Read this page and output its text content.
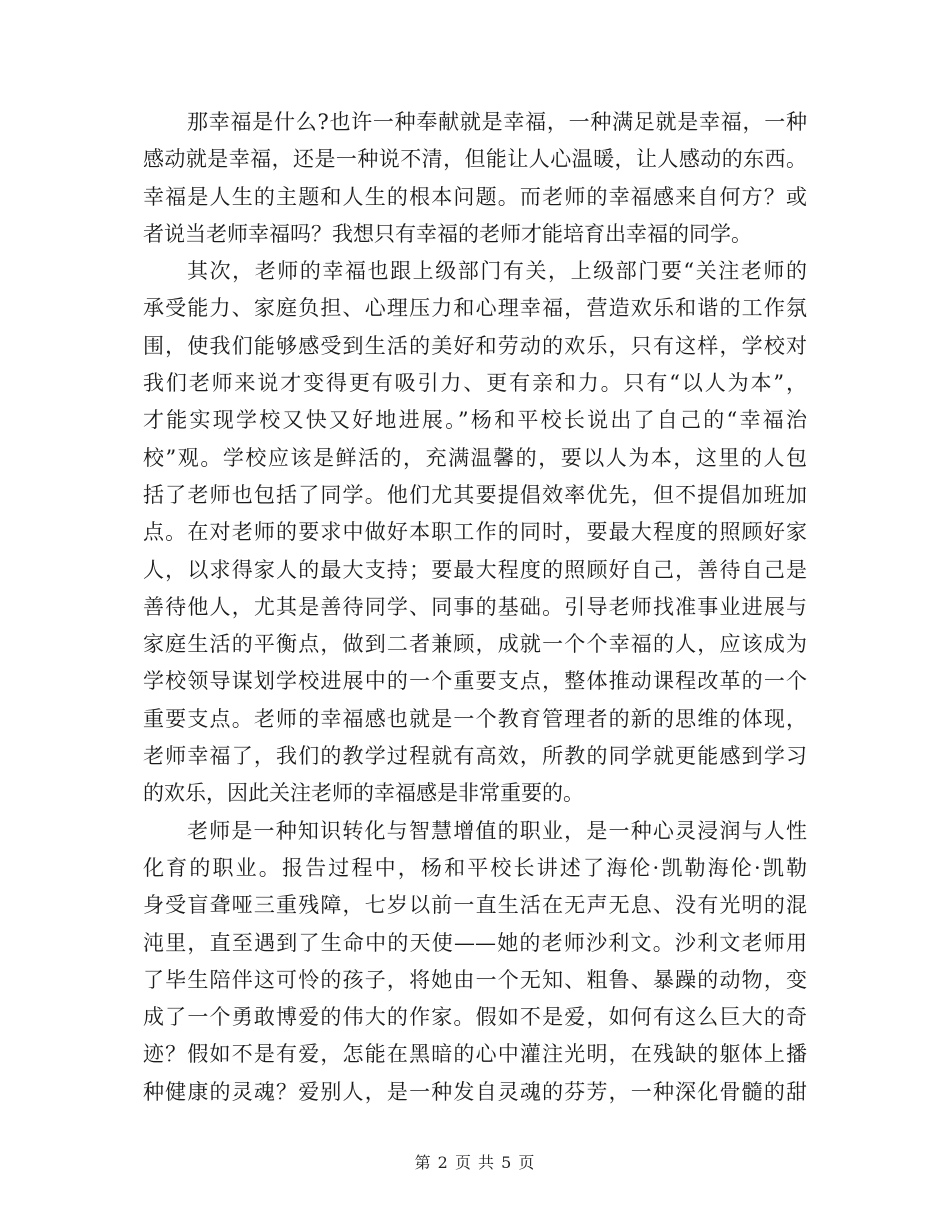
那幸福是什么?也许一种奉献就是幸福，一种满足就是幸福，一种
感动就是幸福，还是一种说不清，但能让人心温暖，让人感动的东西。
幸福是人生的主题和人生的根本问题。而老师的幸福感来自何方？或
者说当老师幸福吗？我想只有幸福的老师才能培育出幸福的同学。
其次，老师的幸福也跟上级部门有关，上级部门要“关注老师的
承受能力、家庭负担、心理压力和心理幸福，营造欢乐和谐的工作氛
围，使我们能够感受到生活的美好和劳动的欢乐，只有这样，学校对
我们老师来说才变得更有吸引力、更有亲和力。只有“以人为本”，
才能实现学校又快又好地进展。”杨和平校长说出了自己的“幸福治
校”观。学校应该是鲜活的，充满温馨的，要以人为本，这里的人包
括了老师也包括了同学。他们尤其要提倡效率优先，但不提倡加班加
点。在对老师的要求中做好本职工作的同时，要最大程度的照顾好家
人，以求得家人的最大支持；要最大程度的照顾好自己，善待自己是
善待他人，尤其是善待同学、同事的基础。引导老师找准事业进展与
家庭生活的平衡点，做到二者兼顾，成就一个个幸福的人，应该成为
学校领导谋划学校进展中的一个重要支点，整体推动课程改革的一个
重要支点。老师的幸福感也就是一个教育管理者的新的思维的体现，
老师幸福了，我们的教学过程就有高效，所教的同学就更能感到学习
的欢乐，因此关注老师的幸福感是非常重要的。
老师是一种知识转化与智慧增值的职业，是一种心灵浸润与人性
化育的职业。报告过程中，杨和平校长讲述了海伦·凯勒海伦·凯勒
身受盲聋哑三重残障，七岁以前一直生活在无声无息、没有光明的混
沌里，直至遇到了生命中的天使——她的老师沙利文。沙利文老师用
了毕生陪伴这可怜的孩子，将她由一个无知、粗鲁、暴躁的动物，变
成了一个勇敢博爱的伟大的作家。假如不是爱，如何有这么巨大的奇
迹？假如不是有爱，怎能在黑暗的心中灌注光明，在残缺的躯体上播
种健康的灵魂？爱别人，是一种发自灵魂的芬芳，一种深化骨髓的甜
第 2 页 共 5 页
